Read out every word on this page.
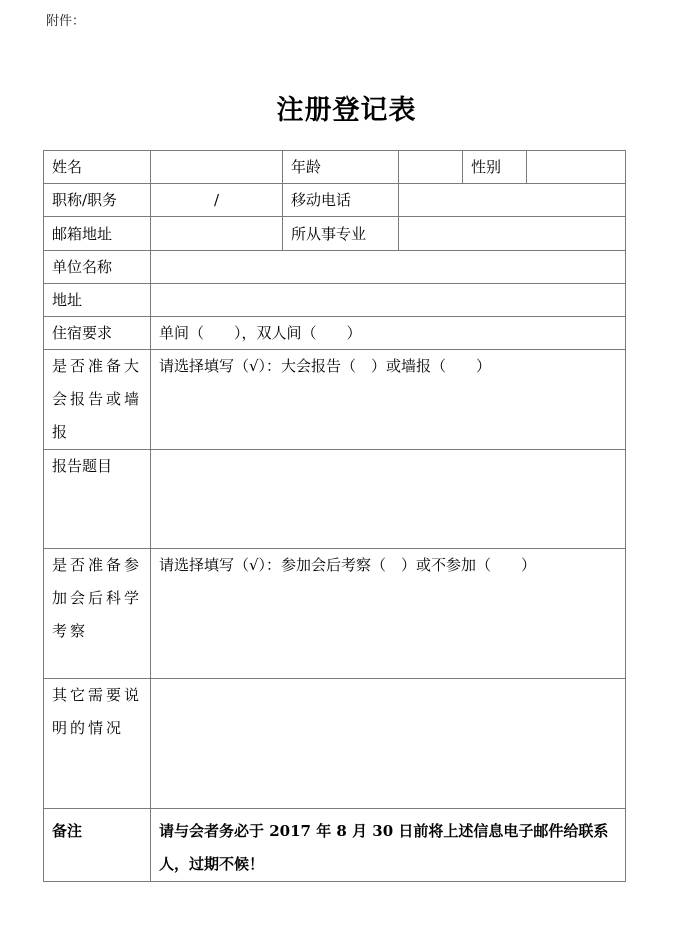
附件：
注册登记表
姓名		年龄		性别	
职称/职务	/	移动电话			
邮箱地址		所从事专业			
单位名称					
地址					
住宿要求	单间（　　），双人间（　　）				
是否准备大会报告或墙报	请选择填写（√）：大会报告（　）或墙报（　　）				
报告题目					
是否准备参加会后科学考察	请选择填写（√）：参加会后考察（　）或不参加（　　）				
其它需要说明的情况					
备注	请与会者务必于 2017 年 8 月 30 日前将上述信息电子邮件给联系人，过期不候！				
